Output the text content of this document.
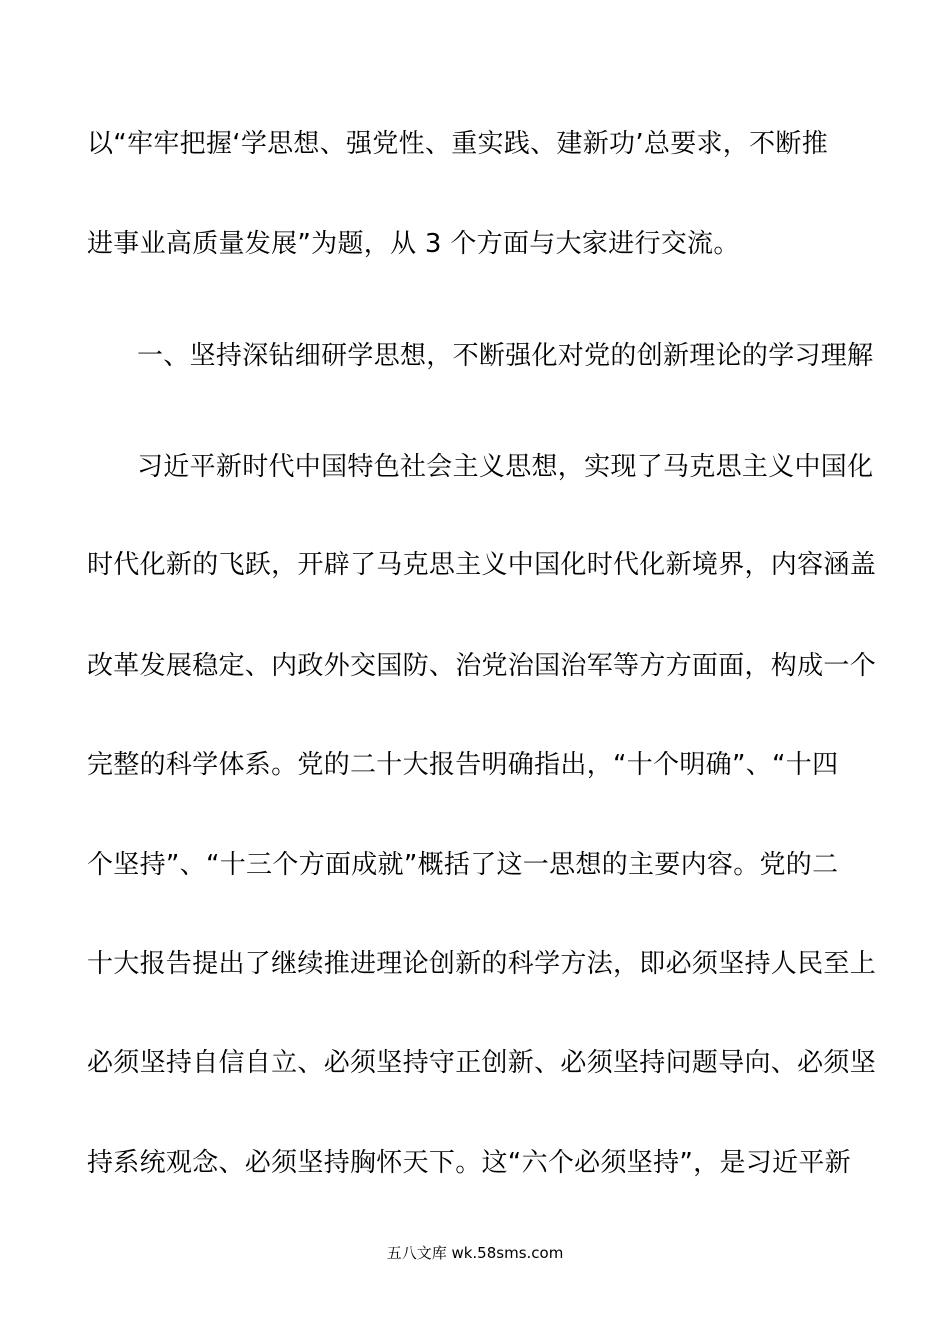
以“牢牢把握‘学思想、强党性、重实践、建新功’总要求，不断推
进事业高质量发展”为题，从 3 个方面与大家进行交流。
一、坚持深钻细研学思想，不断强化对党的创新理论的学习理解
习近平新时代中国特色社会主义思想，实现了马克思主义中国化
时代化新的飞跃，开辟了马克思主义中国化时代化新境界，内容涵盖
改革发展稳定、内政外交国防、治党治国治军等方方面面，构成一个
完整的科学体系。党的二十大报告明确指出，“十个明确”、“十四
个坚持”、“十三个方面成就”概括了这一思想的主要内容。党的二
十大报告提出了继续推进理论创新的科学方法，即必须坚持人民至上
必须坚持自信自立、必须坚持守正创新、必须坚持问题导向、必须坚
持系统观念、必须坚持胸怀天下。这“六个必须坚持”，是习近平新
五八文库 wk.58sms.com
